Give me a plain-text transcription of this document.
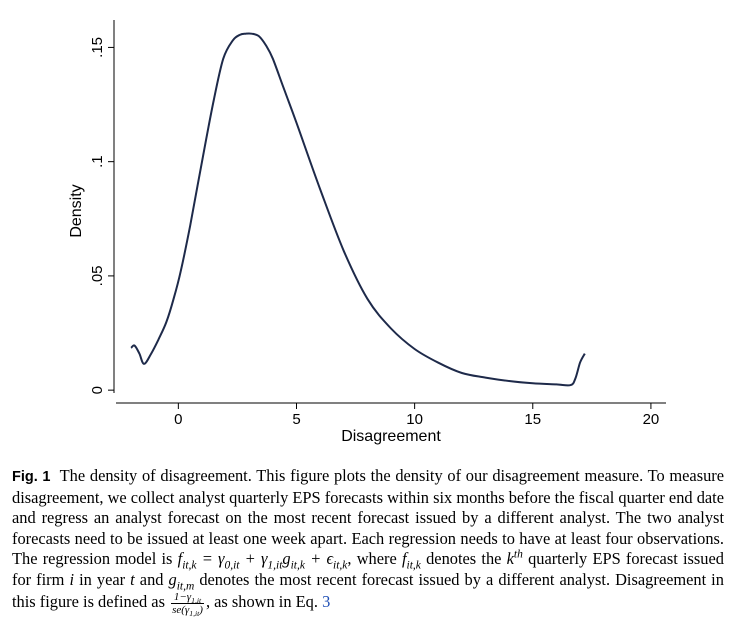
0
.05
.1
.15
0	5	10	15	20
Disagreement
Density

Fig. 1 The density of disagreement. This figure plots the density of our disagreement measure. To measure disagreement, we collect analyst quarterly EPS forecasts within six months before the fiscal quarter end date and regress an analyst forecast on the most recent forecast issued by a different analyst. The two analyst forecasts need to be issued at least one week apart. Each regression needs to have at least four observations. The regression model is $f_{it,k} = \gamma_{0,it} + \gamma_{1,it}g_{it,k} + \epsilon_{it,k}$, where $f_{it,k}$ denotes the $k^{th}$ quarterly EPS forecast issued for firm i in year t and $g_{it,m}$ denotes the most recent forecast issued by a different analyst. Disagreement in this figure is defined as $\frac{1-\gamma_{1,it}}{se(\gamma_{1,it})}$ , as shown in Eq. 3
